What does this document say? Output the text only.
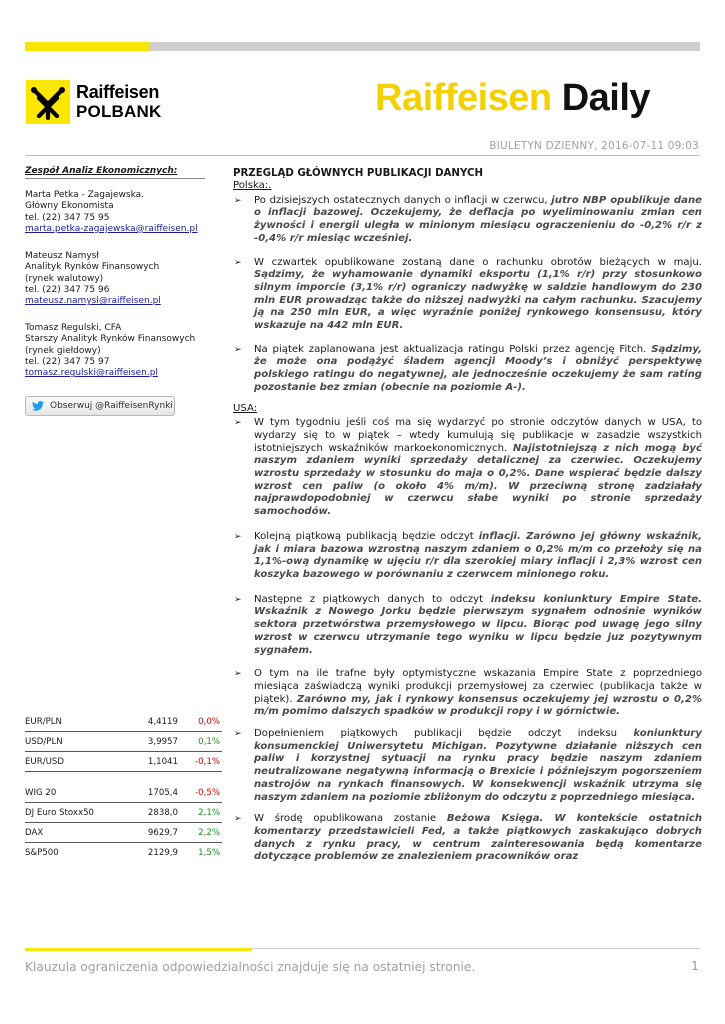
Raiffeisen
POLBANK	Raiffeisen Daily
BIULETYN DZIENNY, 2016-07-11 09:03
Zespół Analiz Ekonomicznych:
Marta Petka - Zagajewska.
Główny Ekonomista
tel. (22) 347 75 95
marta.petka-zagajewska@raiffeisen.pl
Mateusz Namysł
Analityk Rynków Finansowych
(rynek walutowy)
tel. (22) 347 75 96
mateusz.namysl@raiffeisen.pl
Tomasz Regulski, CFA
Starszy Analityk Rynków Finansowych
(rynek giełdowy)
tel. (22) 347 75 97
tomasz.regulski@raiffeisen.pl
Obserwuj @RaiffeisenRynki
EUR/PLN	4,4119 0,0%
USD/PLN	3,9957 0,1%
EUR/USD	1,1041 -0,1%
WIG 20	1705,4 -0,5%
DJ Euro Stoxx50	2838,0 2,1%
DAX	9629,7 2,2%
S&P500	2129,9 1,5%
PRZEGLĄD GŁÓWNYCH PUBLIKACJI DANYCH
Polska:.
➢ Po dzisiejszych ostatecznych danych o inflacji w czerwcu, jutro NBP opublikuje dane o inflacji bazowej. Oczekujemy, że deflacja po wyeliminowaniu zmian cen żywności i energii uległa w minionym miesiącu ograczenieniu do -0,2% r/r z -0,4% r/r miesiąc wcześniej.
➢ W czwartek opublikowane zostaną dane o rachunku obrotów bieżących w maju. Sądzimy, że wyhamowanie dynamiki eksportu (1,1% r/r) przy stosunkowo silnym imporcie (3,1% r/r) ograniczy nadwyżkę w saldzie handlowym do 230 mln EUR prowadząc także do niższej nadwyżki na całym rachunku. Szacujemy ją na 250 mln EUR, a więc wyraźnie poniżej rynkowego konsensusu, który wskazuje na 442 mln EUR.
➢ Na piątek zaplanowana jest aktualizacja ratingu Polski przez agencję Fitch. Sądzimy, że może ona podążyć śladem agencji Moody’s i obniżyć perspektywę polskiego ratingu do negatywnej, ale jednocześnie oczekujemy że sam rating pozostanie bez zmian (obecnie na poziomie A-).
USA:
➢ W tym tygodniu jeśli coś ma się wydarzyć po stronie odczytów danych w USA, to wydarzy się to w piątek – wtedy kumulują się publikacje w zasadzie wszystkich istotniejszych wskaźników markoekonomicznych. Najistotniejszą z nich mogą być naszym zdaniem wyniki sprzedaży detalicznej za czerwiec. Oczekujemy wzrostu sprzedaży w stosunku do maja o 0,2%. Dane wspierać będzie dalszy wzrost cen paliw (o około 4% m/m). W przeciwną stronę zadziałały najprawdopodobniej w czerwcu słabe wyniki po stronie sprzedaży samochodów.
➢ Kolejną piątkową publikacją będzie odczyt inflacji. Zarówno jej główny wskaźnik, jak i miara bazowa wzrostną naszym zdaniem o 0,2% m/m co przełoży się na 1,1%-ową dynamikę w ujęciu r/r dla szerokiej miary inflacji i 2,3% wzrost cen koszyka bazowego w porównaniu z czerwcem minionego roku.
➢ Następne z piątkowych danych to odczyt indeksu koniunktury Empire State. Wskaźnik z Nowego Jorku będzie pierwszym sygnałem odnośnie wyników sektora przetwórstwa przemysłowego w lipcu. Biorąc pod uwagę jego silny wzrost w czerwcu utrzymanie tego wyniku w lipcu będzie juz pozytywnym sygnałem.
➢ O tym na ile trafne były optymistyczne wskazania Empire State z poprzedniego miesiąca zaświadczą wyniki produkcji przemysłowej za czerwiec (publikacja także w piątek). Zarówno my, jak i rynkowy konsensus oczekujemy jej wzrostu o 0,2% m/m pomimo dalszych spadków w produkcji ropy i w górnictwie.
➢ Dopełnieniem piątkowych publikacji będzie odczyt indeksu koniunktury konsumenckiej Uniwersytetu Michigan. Pozytywne działanie niższych cen paliw i korzystnej sytuacji na rynku pracy będzie naszym zdaniem neutralizowane negatywną informacją o Brexicie i późniejszym pogorszeniem nastrojów na rynkach finansowych. W konsekwencji wskaźnik utrzyma się naszym zdaniem na poziomie zbliżonym do odczytu z poprzedniego miesiąca.
➢ W środę opublikowana zostanie Beżowa Księga. W kontekście ostatnich komentarzy przedstawicieli Fed, a także piątkowych zaskakująco dobrych danych z rynku pracy, w centrum zainteresowania będą komentarze dotyczące problemów ze znalezieniem pracowników oraz
Klauzula ograniczenia odpowiedzialności znajduje się na ostatniej stronie.	1
